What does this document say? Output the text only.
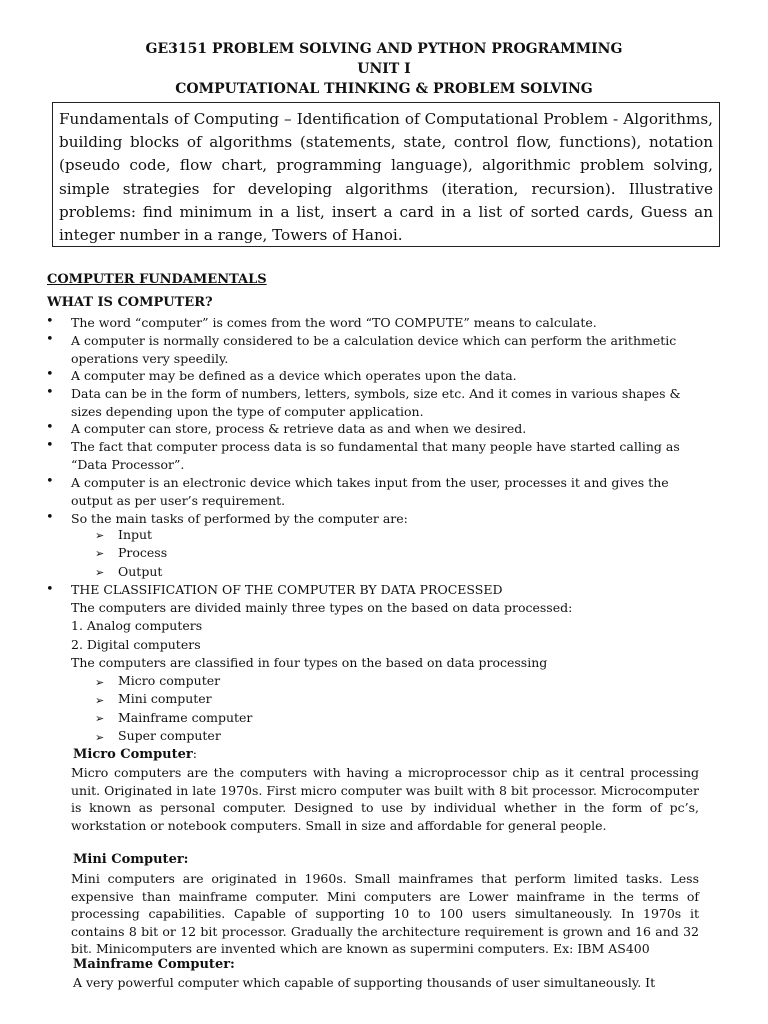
GE3151 PROBLEM SOLVING AND PYTHON PROGRAMMING
UNIT I
COMPUTATIONAL THINKING & PROBLEM SOLVING
Fundamentals of Computing – Identification of Computational Problem - Algorithms, building blocks of algorithms (statements, state, control flow, functions), notation (pseudo code, flow chart, programming language), algorithmic problem solving, simple strategies for developing algorithms (iteration, recursion). Illustrative problems: find minimum in a list, insert a card in a list of sorted cards, Guess an integer number in a range, Towers of Hanoi.
COMPUTER FUNDAMENTALS
WHAT IS COMPUTER?
• The word “computer” is comes from the word “TO COMPUTE” means to calculate.
• A computer is normally considered to be a calculation device which can perform the arithmetic operations very speedily.
• A computer may be defined as a device which operates upon the data.
• Data can be in the form of numbers, letters, symbols, size etc. And it comes in various shapes & sizes depending upon the type of computer application.
• A computer can store, process & retrieve data as and when we desired.
• The fact that computer process data is so fundamental that many people have started calling as “Data Processor”.
• A computer is an electronic device which takes input from the user, processes it and gives the output as per user’s requirement.
• So the main tasks of performed by the computer are:
➢ Input
➢ Process
➢ Output
• THE CLASSIFICATION OF THE COMPUTER BY DATA PROCESSED
The computers are divided mainly three types on the based on data processed:
1. Analog computers
2. Digital computers
The computers are classified in four types on the based on data processing
➢ Micro computer
➢ Mini computer
➢ Mainframe computer
➢ Super computer
Micro Computer:
Micro computers are the computers with having a microprocessor chip as it central processing unit. Originated in late 1970s. First micro computer was built with 8 bit processor. Microcomputer is known as personal computer. Designed to use by individual whether in the form of pc’s, workstation or notebook computers. Small in size and affordable for general people.
Mini Computer:
Mini computers are originated in 1960s. Small mainframes that perform limited tasks. Less expensive than mainframe computer. Mini computers are Lower mainframe in the terms of processing capabilities. Capable of supporting 10 to 100 users simultaneously. In 1970s it contains 8 bit or 12 bit processor. Gradually the architecture requirement is grown and 16 and 32 bit. Minicomputers are invented which are known as supermini computers. Ex: IBM AS400
Mainframe Computer:
A very powerful computer which capable of supporting thousands of user simultaneously. It
